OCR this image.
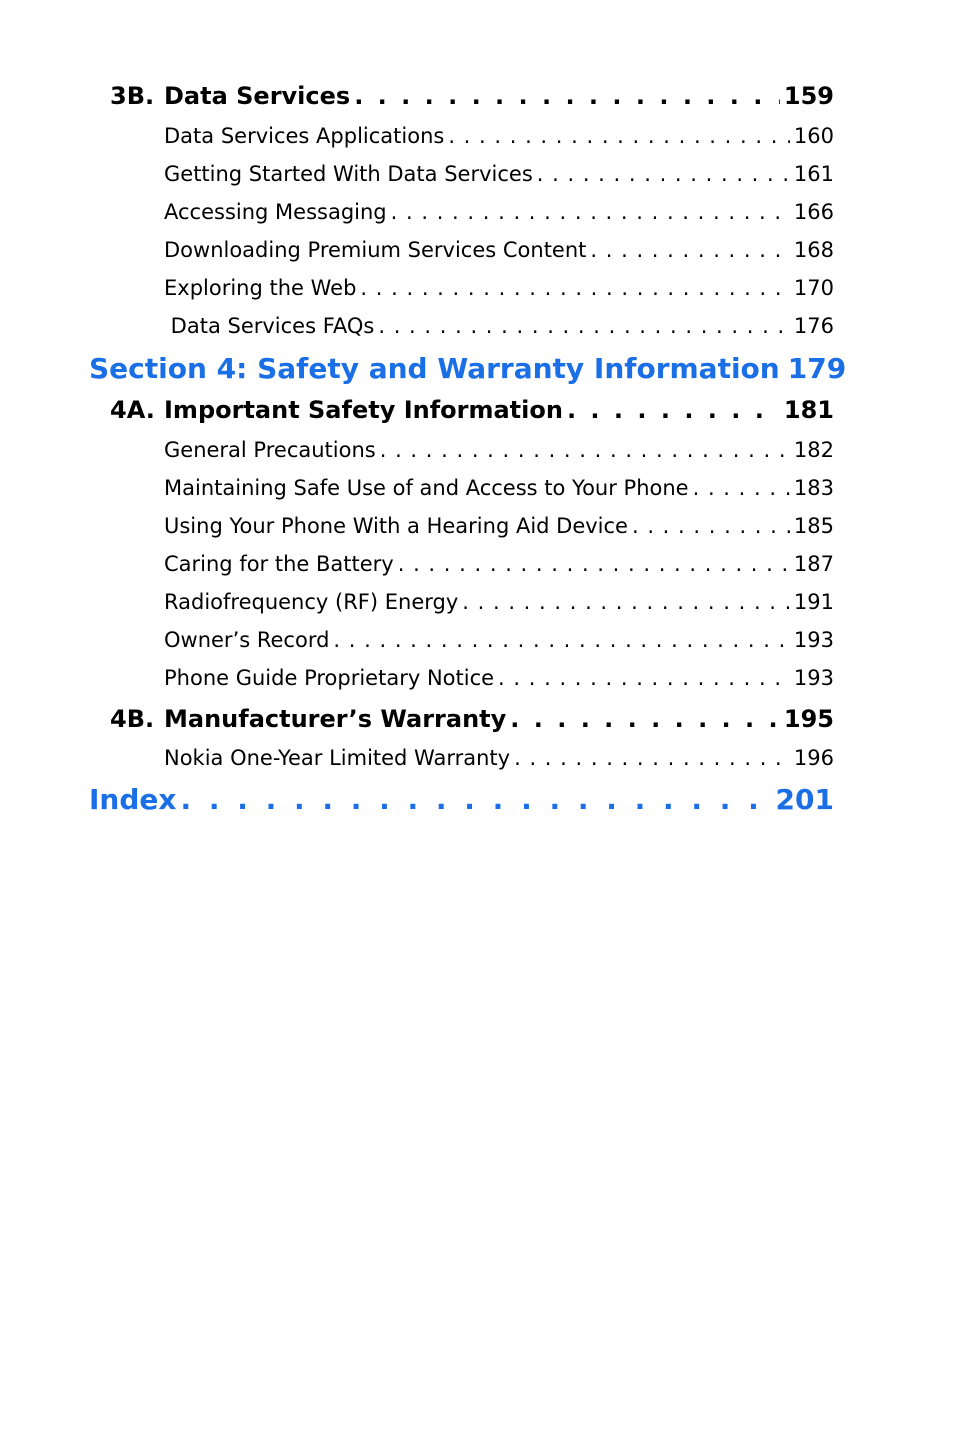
3B. Data Services . . .	159
Data Services Applications . . .	160
Getting Started With Data Services . . .	161
Accessing Messaging . . .	166
Downloading Premium Services Content . . .	168
Exploring the Web . . .	170
Data Services FAQs . . .	176
Section 4: Safety and Warranty Information 179
4A. Important Safety Information . . .	181
General Precautions . . .	182
Maintaining Safe Use of and Access to Your Phone . . .	183
Using Your Phone With a Hearing Aid Device . . .	185
Caring for the Battery . . .	187
Radiofrequency (RF) Energy . . .	191
Owner’s Record . . .	193
Phone Guide Proprietary Notice . . .	193
4B. Manufacturer’s Warranty . . .	195
Nokia One-Year Limited Warranty . . .	196
Index . . .	201
